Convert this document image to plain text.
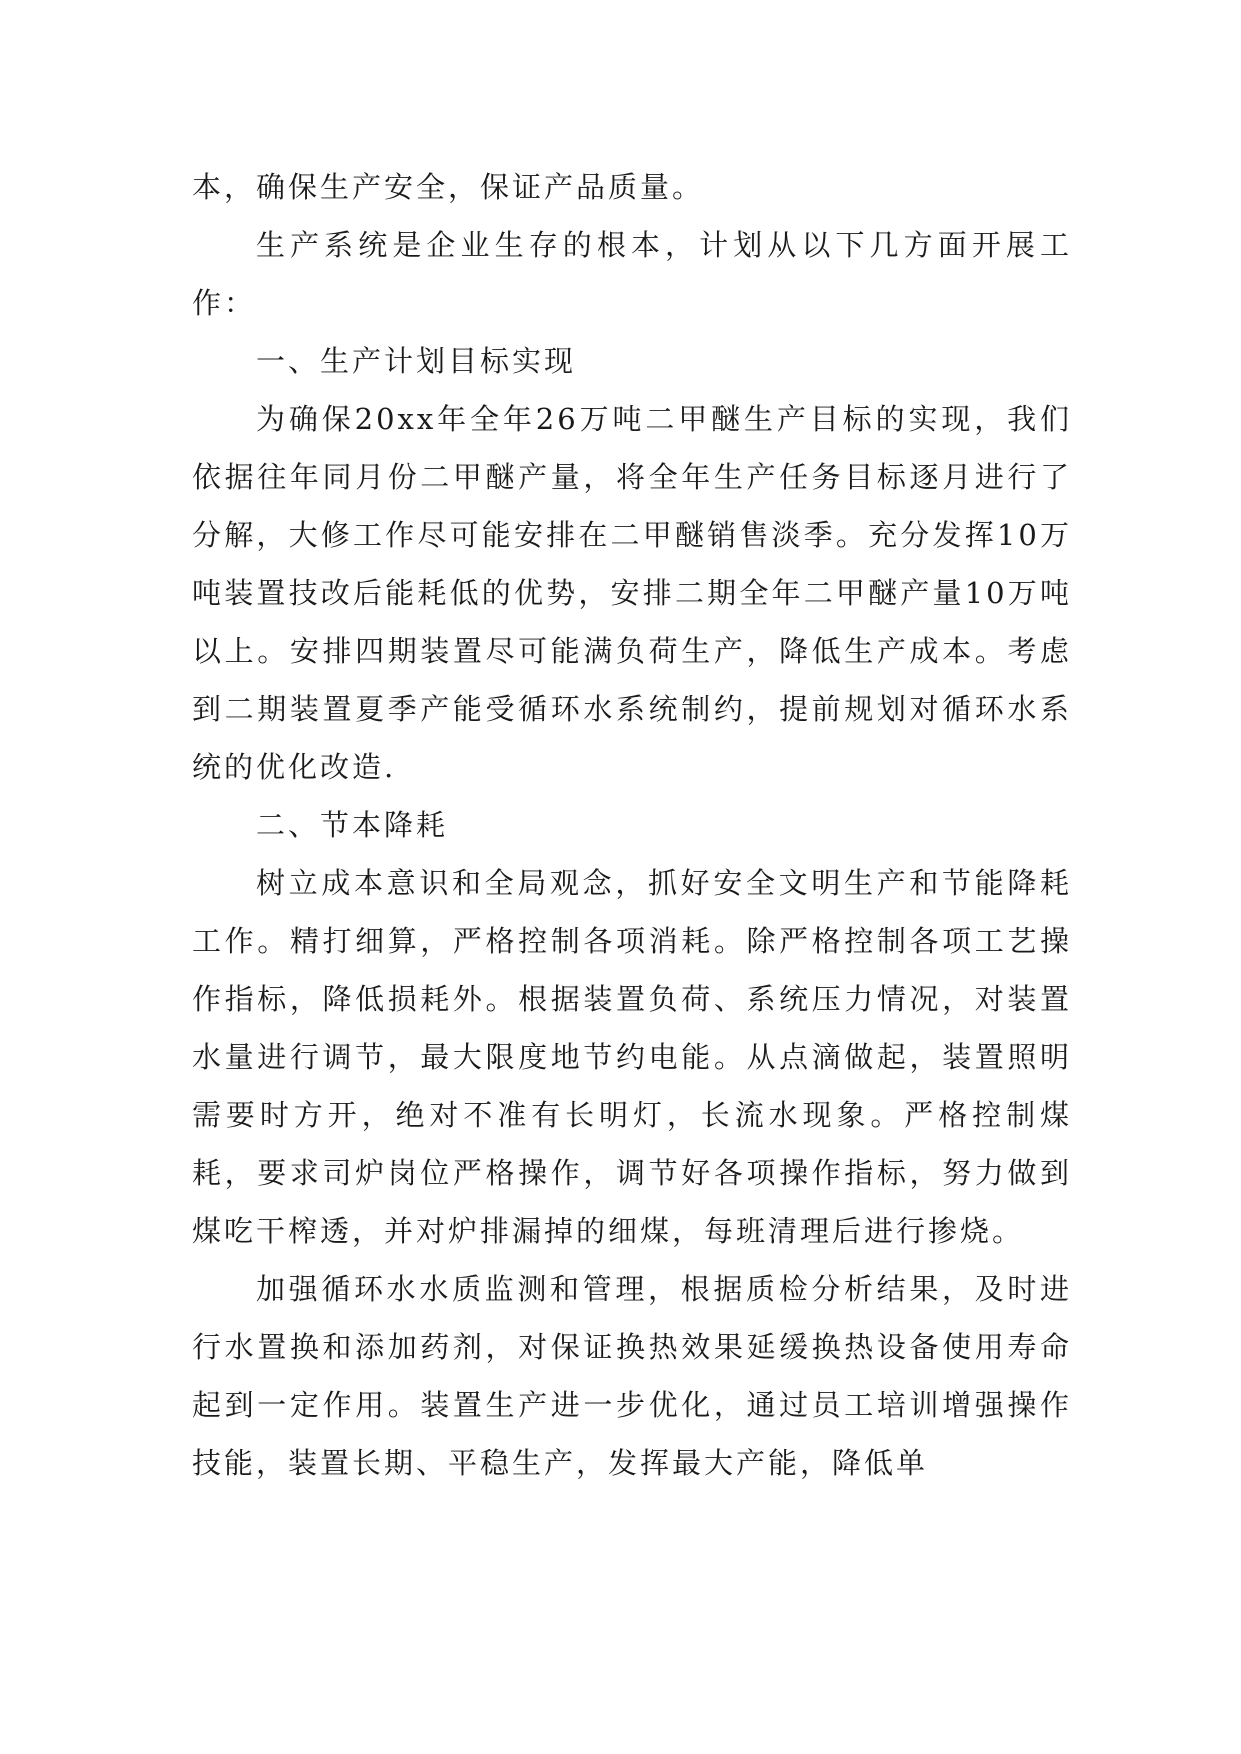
本，确保生产安全，保证产品质量。

生产系统是企业生存的根本，计划从以下几方面开展工作：

一、生产计划目标实现

为确保20xx年全年26万吨二甲醚生产目标的实现，我们依据往年同月份二甲醚产量，将全年生产任务目标逐月进行了分解，大修工作尽可能安排在二甲醚销售淡季。充分发挥10万吨装置技改后能耗低的优势，安排二期全年二甲醚产量10万吨以上。安排四期装置尽可能满负荷生产，降低生产成本。考虑到二期装置夏季产能受循环水系统制约，提前规划对循环水系统的优化改造.

二、节本降耗

树立成本意识和全局观念，抓好安全文明生产和节能降耗工作。精打细算，严格控制各项消耗。除严格控制各项工艺操作指标，降低损耗外。根据装置负荷、系统压力情况，对装置水量进行调节，最大限度地节约电能。从点滴做起，装置照明需要时方开，绝对不准有长明灯，长流水现象。严格控制煤耗，要求司炉岗位严格操作，调节好各项操作指标，努力做到煤吃干榨透，并对炉排漏掉的细煤，每班清理后进行掺烧。

加强循环水水质监测和管理，根据质检分析结果，及时进行水置换和添加药剂，对保证换热效果延缓换热设备使用寿命起到一定作用。装置生产进一步优化，通过员工培训增强操作技能，装置长期、平稳生产，发挥最大产能，降低单
